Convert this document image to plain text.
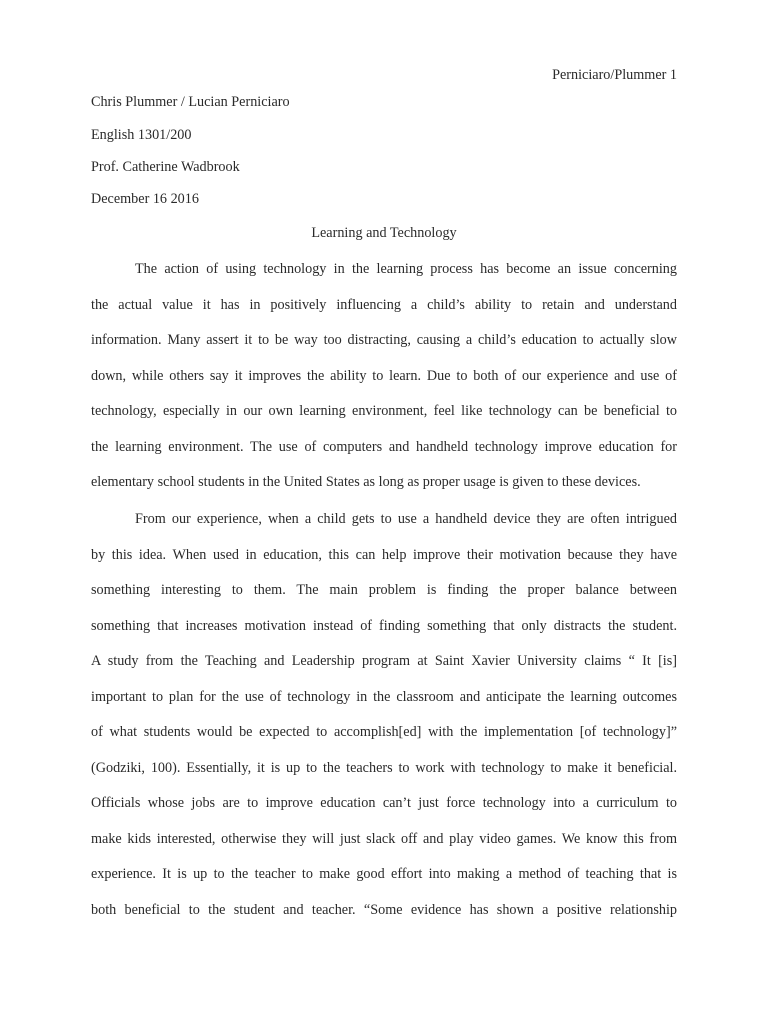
Perniciaro/Plummer 1
Chris Plummer / Lucian Perniciaro
English 1301/200
Prof. Catherine Wadbrook
December 16 2016
Learning and Technology
The action of using technology in the learning process has become an issue concerning
the actual value it has in positively influencing a child’s ability to retain and understand
information. Many assert it to be way too distracting, causing a child’s education to actually slow
down, while others say it improves the ability to learn. Due to both of our experience and use of
technology, especially in our own learning environment, feel like technology can be beneficial to
the learning environment. The use of computers and handheld technology improve education for
elementary school students in the United States as long as proper usage is given to these devices.
From our experience, when a child gets to use a handheld device they are often intrigued
by this idea. When used in education, this can help improve their motivation because they have
something interesting to them. The main problem is finding the proper balance between
something that increases motivation instead of finding something that only distracts the student.
A study from the Teaching and Leadership program at Saint Xavier University claims “ It [is]
important to plan for the use of technology in the classroom and anticipate the learning outcomes
of what students would be expected to accomplish[ed] with the implementation [of technology]”
(Godziki, 100). Essentially, it is up to the teachers to work with technology to make it beneficial.
Officials whose jobs are to improve education can’t just force technology into a curriculum to
make kids interested, otherwise they will just slack off and play video games. We know this from
experience. It is up to the teacher to make good effort into making a method of teaching that is
both beneficial to the student and teacher. “Some evidence has shown a positive relationship
